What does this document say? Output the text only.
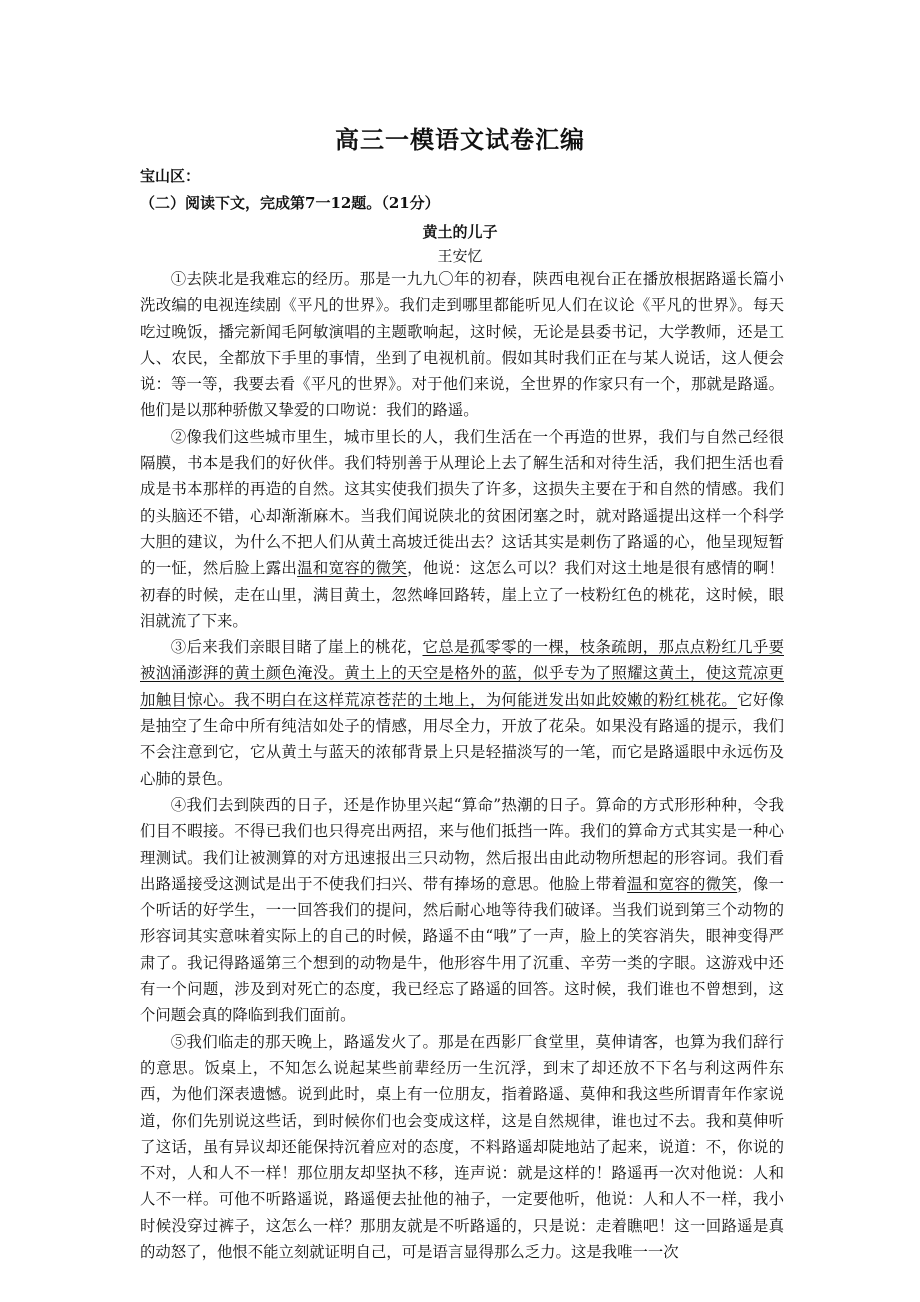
高三一模语文试卷汇编
宝山区：
（二）阅读下文，完成第7一12题。（21分）
黄土的儿子
王安忆

①去陕北是我难忘的经历。那是一九九〇年的初春，陕西电视台正在播放根据路遥长篇小洗改编的电视连续剧《平凡的世界》。我们走到哪里都能听见人们在议论《平凡的世界》。每天吃过晚饭，播完新闻毛阿敏演唱的主题歌响起，这时候，无论是县委书记，大学教师，还是工人、农民，全都放下手里的事情，坐到了电视机前。假如其时我们正在与某人说话，这人便会说：等一等，我要去看《平凡的世界》。对于他们来说，全世界的作家只有一个，那就是路遥。他们是以那种骄傲又挚爱的口吻说：我们的路遥。

②像我们这些城市里生，城市里长的人，我们生活在一个再造的世界，我们与自然己经很隔膜，书本是我们的好伙伴。我们特别善于从理论上去了解生活和对待生活，我们把生活也看成是书本那样的再造的自然。这其实使我们损失了许多，这损失主要在于和自然的情感。我们的头脑还不错，心却渐渐麻木。当我们闻说陕北的贫困闭塞之时，就对路遥提出这样一个科学大胆的建议，为什么不把人们从黄土高坡迁徙出去？这话其实是刺伤了路遥的心，他呈现短暂的一怔，然后脸上露出温和宽容的微笑，他说：这怎么可以？我们对这土地是很有感情的啊！初春的时候，走在山里，满目黄土，忽然峰回路转，崖上立了一枝粉红色的桃花，这时候，眼泪就流了下来。

③后来我们亲眼目睹了崖上的桃花，它总是孤零零的一棵，枝条疏朗，那点点粉红几乎要被汹涌澎湃的黄土颜色淹没。黄土上的天空是格外的蓝，似乎专为了照耀这黄土，使这荒凉更加触目惊心。我不明白在这样荒凉苍茫的土地上，为何能迸发出如此姣嫩的粉红桃花。它好像是抽空了生命中所有纯洁如处子的情感，用尽全力，开放了花朵。如果没有路遥的提示，我们不会注意到它，它从黄土与蓝天的浓郁背景上只是轻描淡写的一笔，而它是路遥眼中永远伤及心肺的景色。

④我们去到陕西的日子，还是作协里兴起“算命”热潮的日子。算命的方式形形种种，令我们目不暇接。不得已我们也只得亮出两招，来与他们抵挡一阵。我们的算命方式其实是一种心理测试。我们让被测算的对方迅速报出三只动物，然后报出由此动物所想起的形容词。我们看出路遥接受这测试是出于不使我们扫兴、带有捧场的意思。他脸上带着温和宽容的微笑，像一个听话的好学生，一一回答我们的提问，然后耐心地等待我们破译。当我们说到第三个动物的形容词其实意味着实际上的自己的时候，路遥不由“哦”了一声，脸上的笑容消失，眼神变得严肃了。我记得路遥第三个想到的动物是牛，他形容牛用了沉重、辛劳一类的字眼。这游戏中还有一个问题，涉及到对死亡的态度，我已经忘了路遥的回答。这时候，我们谁也不曾想到，这个问题会真的降临到我们面前。

⑤我们临走的那天晚上，路遥发火了。那是在西影厂食堂里，莫伸请客，也算为我们辞行的意思。饭桌上，不知怎么说起某些前辈经历一生沉浮，到末了却还放不下名与利这两件东西，为他们深表遗憾。说到此时，桌上有一位朋友，指着路遥、莫伸和我这些所谓青年作家说道，你们先别说这些话，到时候你们也会变成这样，这是自然规律，谁也过不去。我和莫伸听了这话，虽有异议却还能保持沉着应对的态度，不料路遥却陡地站了起来，说道：不，你说的不对，人和人不一样！那位朋友却坚执不移，连声说：就是这样的！路遥再一次对他说：人和人不一样。可他不听路遥说，路遥便去扯他的袖子，一定要他听，他说：人和人不一样，我小时候没穿过裤子，这怎么一样？那朋友就是不听路遥的，只是说：走着瞧吧！这一回路遥是真的动怒了，他恨不能立刻就证明自己，可是语言显得那么乏力。这是我唯一一次
